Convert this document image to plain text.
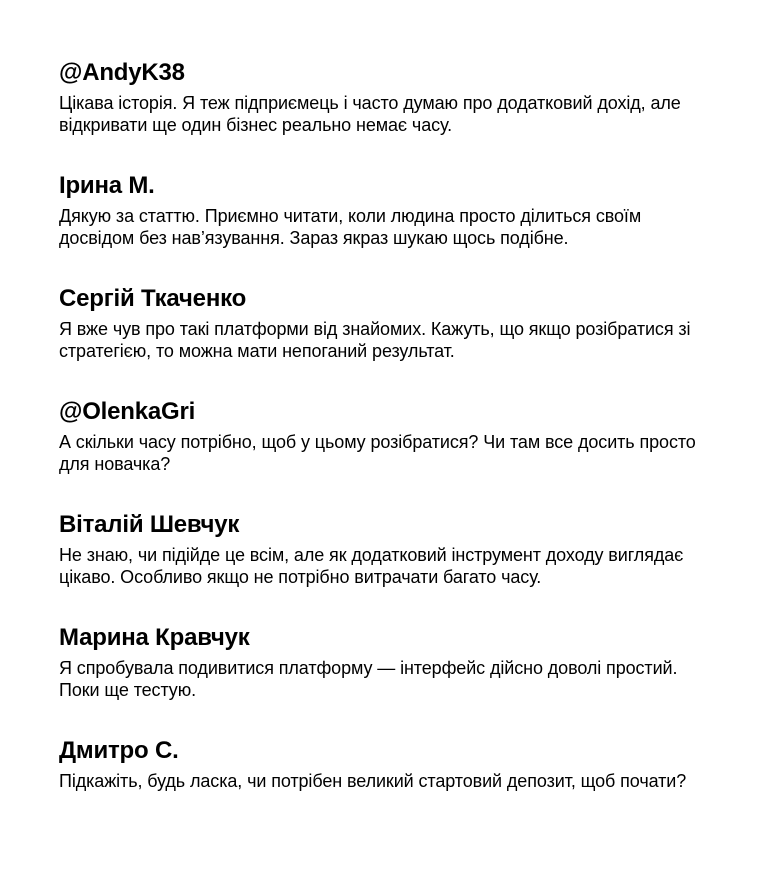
@AndyK38

Цікава історія. Я теж підприємець і часто думаю про додатковий дохід, але відкривати ще один бізнес реально немає часу.

Ірина М.

Дякую за статтю. Приємно читати, коли людина просто ділиться своїм досвідом без нав’язування. Зараз якраз шукаю щось подібне.

Сергій Ткаченко

Я вже чув про такі платформи від знайомих. Кажуть, що якщо розібратися зі стратегією, то можна мати непоганий результат.

@OlenkaGri

А скільки часу потрібно, щоб у цьому розібратися? Чи там все досить просто для новачка?

Віталій Шевчук

Не знаю, чи підійде це всім, але як додатковий інструмент доходу виглядає цікаво. Особливо якщо не потрібно витрачати багато часу.

Марина Кравчук

Я спробувала подивитися платформу — інтерфейс дійсно доволі простий. Поки ще тестую.

Дмитро С.

Підкажіть, будь ласка, чи потрібен великий стартовий депозит, щоб почати?
